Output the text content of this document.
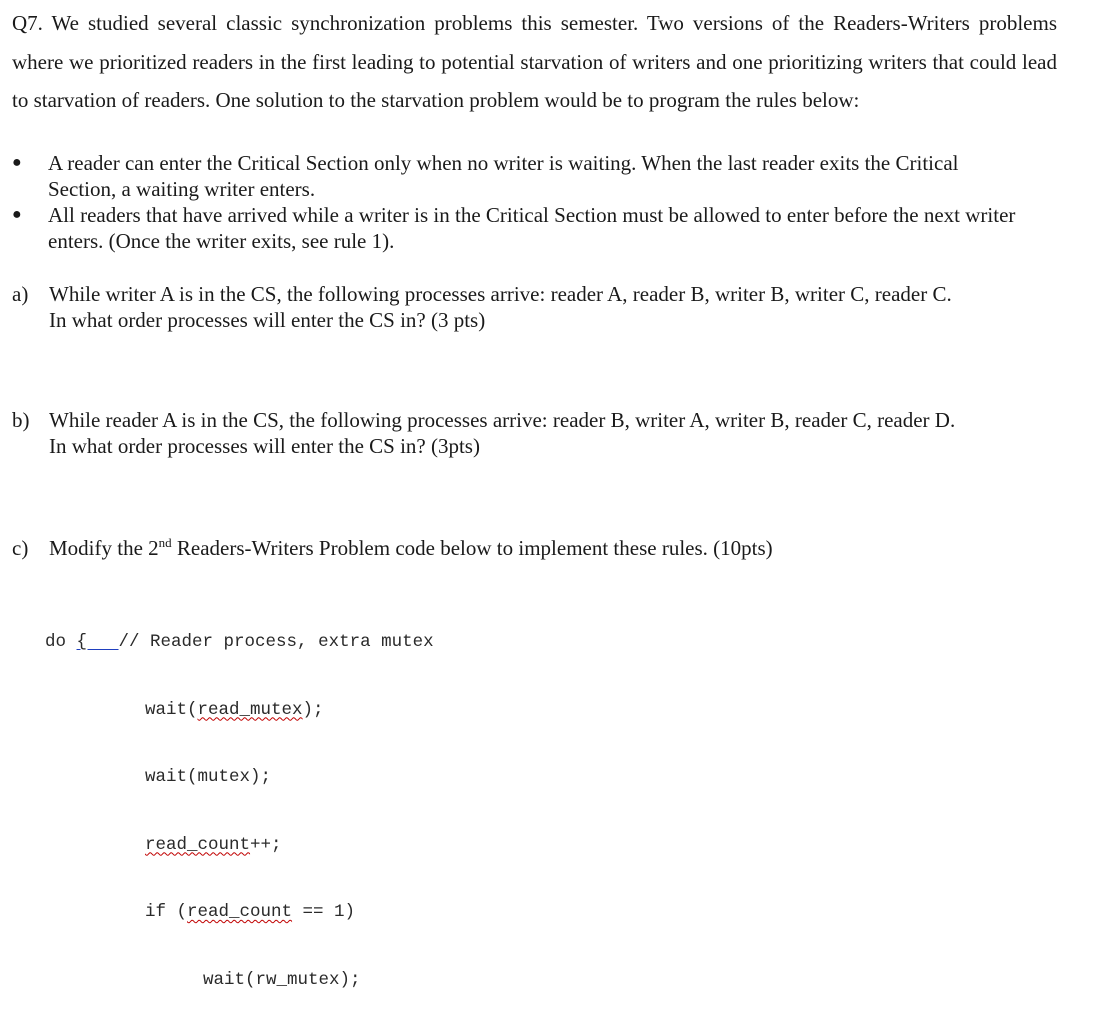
Q7. We studied several classic synchronization problems this semester. Two versions of the Readers-Writers problems where we prioritized readers in the first leading to potential starvation of writers and one prioritizing writers that could lead to starvation of readers. One solution to the starvation problem would be to program the rules below:

● A reader can enter the Critical Section only when no writer is waiting. When the last reader exits the Critical Section, a waiting writer enters.
● All readers that have arrived while a writer is in the Critical Section must be allowed to enter before the next writer enters. (Once the writer exits, see rule 1).
a) While writer A is in the CS, the following processes arrive: reader A, reader B, writer B, writer C, reader C.
In what order processes will enter the CS in? (3 pts)
b) While reader A is in the CS, the following processes arrive: reader B, writer A, writer B, reader C, reader D.
In what order processes will enter the CS in? (3pts)
c) Modify the 2nd Readers-Writers Problem code below to implement these rules. (10pts)

do {   // Reader process, extra mutex

wait(read_mutex);

wait(mutex);

read_count++;

if (read_count == 1)

wait(rw_mutex);
